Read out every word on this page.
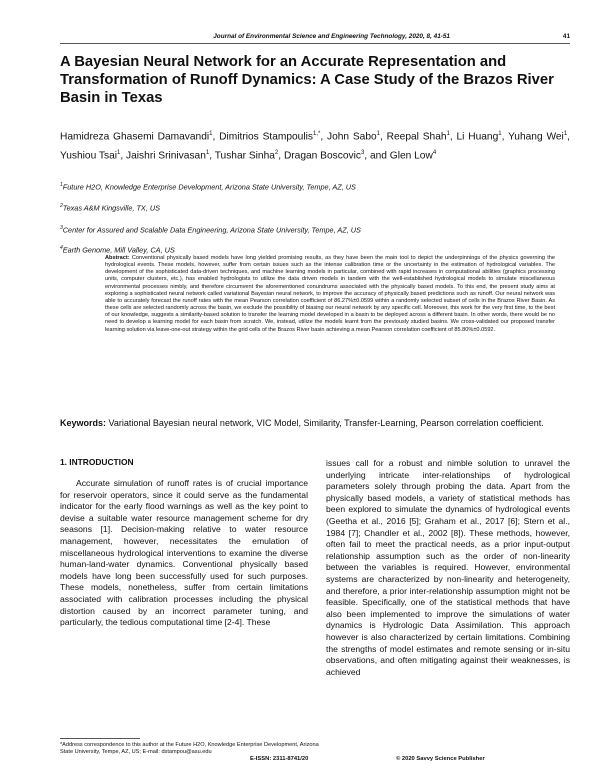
Journal of Environmental Science and Engineering Technology, 2020, 8, 41-51	41
A Bayesian Neural Network for an Accurate Representation and Transformation of Runoff Dynamics: A Case Study of the Brazos River Basin in Texas

Hamidreza Ghasemi Damavandi$^1$, Dimitrios Stampoulis$^{1,*}$, John Sabo$^1$, Reepal Shah$^1$, Li Huang$^1$, Yuhang Wei$^1$, Yushiou Tsai$^1$, Jaishri Srinivasan$^1$, Tushar Sinha$^2$, Dragan Boscovic$^3$, and Glen Low$^4$

$^1$Future H2O, Knowledge Enterprise Development, Arizona State University, Tempe, AZ, US
$^2$Texas A&M Kingsville, TX, US
$^3$Center for Assured and Scalable Data Engineering, Arizona State University, Tempe, AZ, US
$^4$Earth Genome, Mill Valley, CA, US

Abstract: Conventional physically based models have long yielded promising results, as they have been the main tool to depict the underpinnings of the physics governing the hydrological events. These models, however, suffer from certain issues such as the intense calibration time or the uncertainty in the estimation of hydrological variables. The development of the sophisticated data-driven techniques, and machine learning models in particular, combined with rapid increases in computational abilities (graphics processing units, computer clusters, etc.), has enabled hydrologists to utilize the data driven models in tandem with the well-established hydrological models to simulate miscellaneous environmental processes nimbly, and therefore circumvent the aforementioned conundrums associated with the physically based models. To this end, the present study aims at exploring a sophisticated neural network called variational Bayesian neural network, to improve the accuracy of physically based predictions such as runoff. Our neural network was able to accurately forecast the runoff rates with the mean Pearson correlation coefficient of 86.27%±0.0599 within a randomly selected subset of cells in the Brazos River Basin. As these cells are selected randomly across the basin, we exclude the possibility of biasing our neural network by any specific cell. Moreover, this work for the very first time, to the best of our knowledge, suggests a similarity-based solution to transfer the learning model developed in a basin to be deployed across a different basin. In other words, there would be no need to develop a learning model for each basin from scratch. We, instead, utilize the models learnt from the previously studied basins. We cross-validated our proposed transfer learning solution via leave-one-out strategy within the grid cells of the Brazos River basin achieving a mean Pearson correlation coefficient of 85.80%±0.0592.

Keywords: Variational Bayesian neural network, VIC Model, Similarity, Transfer-Learning, Pearson correlation coefficient.

1. INTRODUCTION

Accurate simulation of runoff rates is of crucial importance for reservoir operators, since it could serve as the fundamental indicator for the early flood warnings as well as the key point to devise a suitable water resource management scheme for dry seasons [1]. Decision-making relative to water resource management, however, necessitates the emulation of miscellaneous hydrological interventions to examine the diverse human-land-water dynamics. Conventional physically based models have long been successfully used for such purposes. These models, nonetheless, suffer from certain limitations associated with calibration processes including the physical distortion caused by an incorrect parameter tuning, and particularly, the tedious computational time [2-4]. These

issues call for a robust and nimble solution to unravel the underlying intricate inter-relationships of hydrological parameters solely through probing the data. Apart from the physically based models, a variety of statistical methods has been explored to simulate the dynamics of hydrological events (Geetha et al., 2016 [5]; Graham et al., 2017 [6]; Stern et al., 1984 [7]; Chandler et al., 2002 [8]). These methods, however, often fail to meet the practical needs, as a prior input-output relationship assumption such as the order of non-linearity between the variables is required. However, environmental systems are characterized by non-linearity and heterogeneity, and therefore, a prior inter-relationship assumption might not be feasible. Specifically, one of the statistical methods that have also been implemented to improve the simulations of water dynamics is Hydrologic Data Assimilation. This approach however is also characterized by certain limitations. Combining the strengths of model estimates and remote sensing or in-situ observations, and often mitigating against their weaknesses, is achieved

*Address correspondence to this author at the Future H2O, Knowledge Enterprise Development, Arizona State University, Tempe, AZ, US; E-mail: dstampou@asu.edu

E-ISSN: 2311-8741/20	© 2020 Savvy Science Publisher
